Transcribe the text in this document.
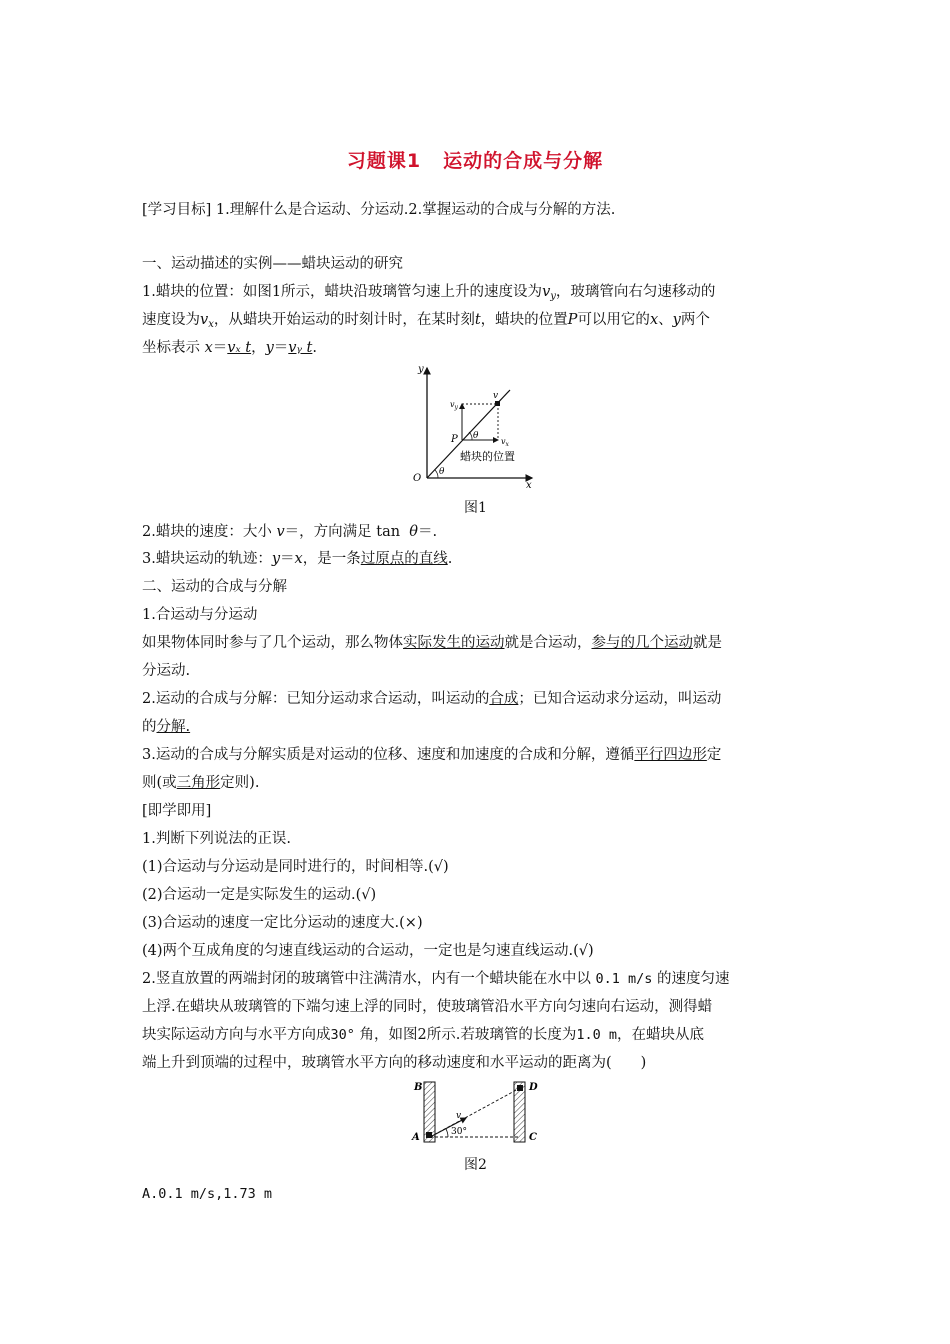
习题课1 运动的合成与分解
[学习目标] 1.理解什么是合运动、分运动.2.掌握运动的合成与分解的方法.
一、运动描述的实例——蜡块运动的研究
1.蜡块的位置：如图1所示，蜡块沿玻璃管匀速上升的速度设为$v_y$，玻璃管向右匀速移动的
速度设为$v_x$，从蜡块开始运动的时刻计时，在某时刻t，蜡块的位置P可以用它的x、y两个
坐标表示 x＝vₓ t，y＝vᵧ t.
y
x
O
P
v
$v_y$
$v_x$
θ
θ
蜡块的位置
图1
2.蜡块的速度：大小 v＝，方向满足 tan θ＝.
3.蜡块运动的轨迹：y＝x，是一条过原点的直线.
二、运动的合成与分解
1.合运动与分运动
如果物体同时参与了几个运动，那么物体实际发生的运动就是合运动，参与的几个运动就是
分运动.
2.运动的合成与分解：已知分运动求合运动，叫运动的合成；已知合运动求分运动，叫运动
的分解.
3.运动的合成与分解实质是对运动的位移、速度和加速度的合成和分解，遵循平行四边形定
则(或三角形定则).
[即学即用]
1.判断下列说法的正误.
(1)合运动与分运动是同时进行的，时间相等.(√)
(2)合运动一定是实际发生的运动.(√)
(3)合运动的速度一定比分运动的速度大.(×)
(4)两个互成角度的匀速直线运动的合运动，一定也是匀速直线运动.(√)
2.竖直放置的两端封闭的玻璃管中注满清水，内有一个蜡块能在水中以 0.1 m/s 的速度匀速
上浮.在蜡块从玻璃管的下端匀速上浮的同时，使玻璃管沿水平方向匀速向右运动，测得蜡
块实际运动方向与水平方向成30° 角，如图2所示.若玻璃管的长度为1.0 m，在蜡块从底
端上升到顶端的过程中，玻璃管水平方向的移动速度和水平运动的距离为(　　)
B
A
D
C
v
30°
图2
A.0.1 m/s,1.73 m
